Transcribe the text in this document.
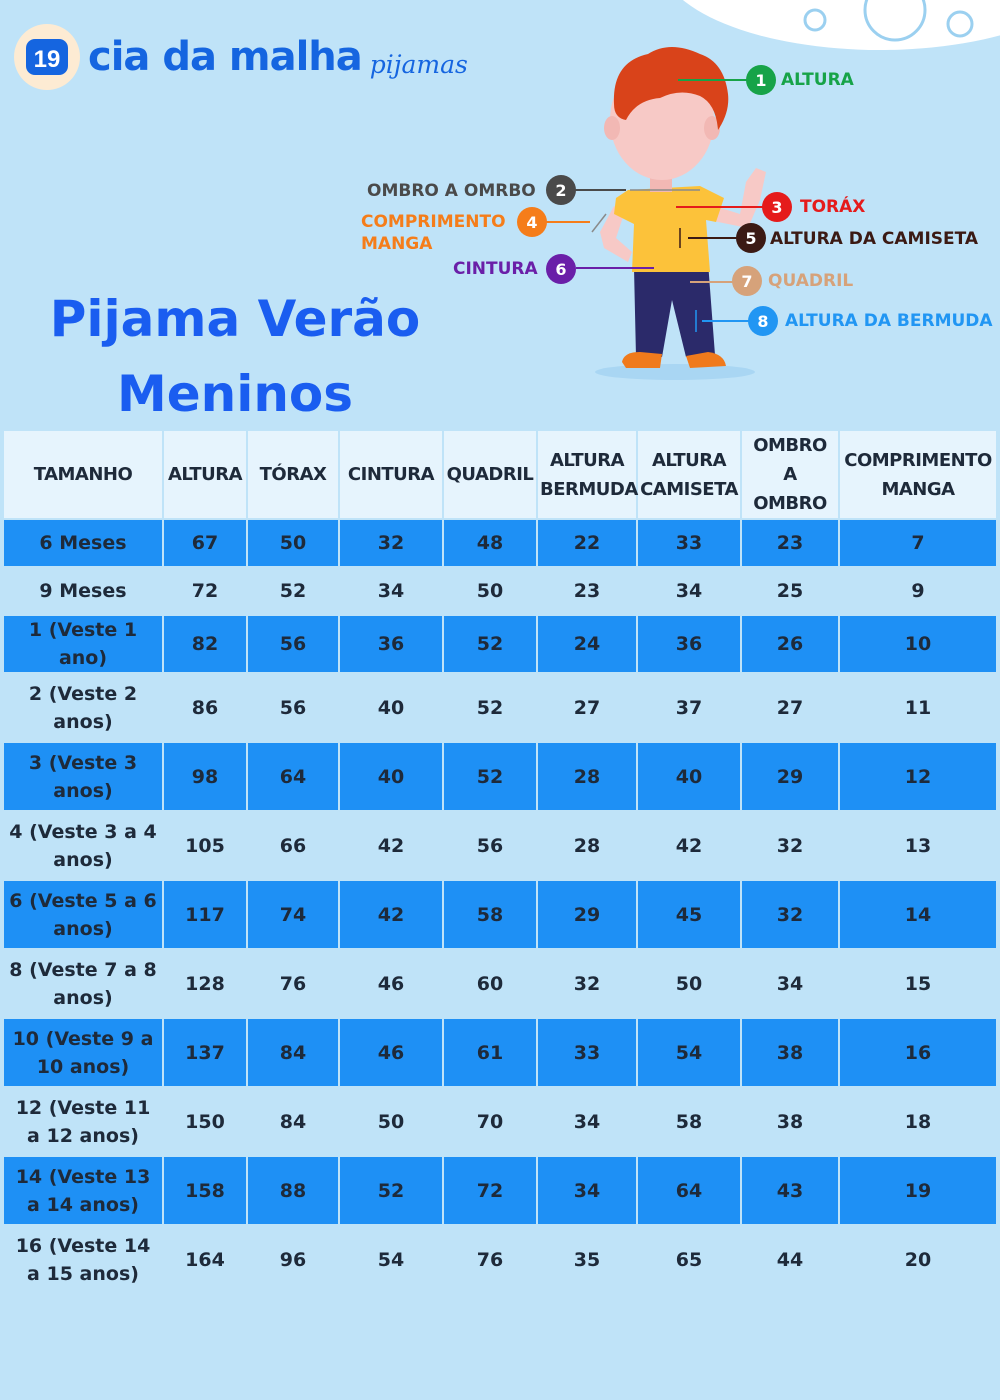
19 cia da malha pijamas
Pijama Verão
Meninos
1 ALTURA
2
OMBRO A OMRBO
3	TORÁX
4
COMPRIMENTO MANGA	5 ALTURA DA CAMISETA
6
CINTURA
7 QUADRIL
8 ALTURA DA BERMUDA
TAMANHO	ALTURA	TÓRAX	CINTURA	QUADRIL	ALTURA BERMUDA	ALTURA CAMISETA	OMBRO A OMBRO	COMPRIMENTO MANGA
6 Meses	67	50	32	48	22	33	23	7
9 Meses	72	52	34	50	23	34	25	9
1 (Veste 1 ano)	82	56	36	52	24	36	26	10
2 (Veste 2 anos)	86	56	40	52	27	37	27	11
3 (Veste 3 anos)	98	64	40	52	28	40	29	12
4 (Veste 3 a 4 anos)	105	66	42	56	28	42	32	13
6 (Veste 5 a 6 anos)	117	74	42	58	29	45	32	14
8 (Veste 7 a 8 anos)	128	76	46	60	32	50	34	15
10 (Veste 9 a 10 anos)	137	84	46	61	33	54	38	16
12 (Veste 11 a 12 anos)	150	84	50	70	34	58	38	18
14 (Veste 13 a 14 anos)	158	88	52	72	34	64	43	19
16 (Veste 14 a 15 anos)	164	96	54	76	35	65	44	20
